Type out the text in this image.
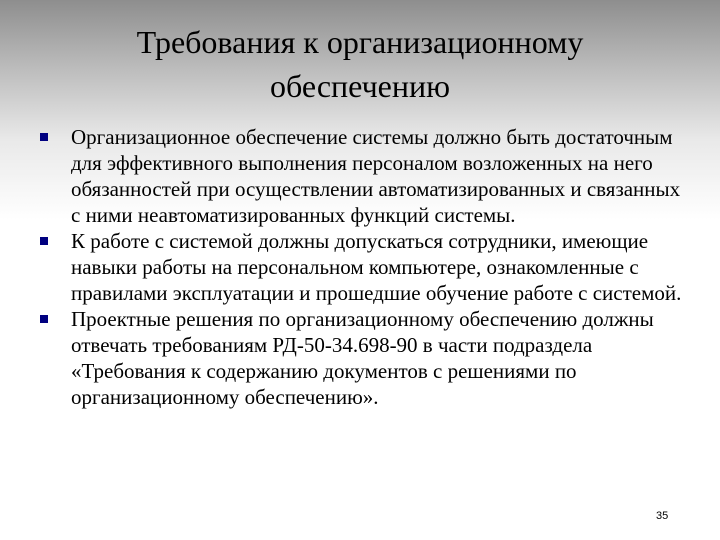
Требования к организационному
обеспечению
Организационное обеспечение системы должно быть достаточным для эффективного выполнения персоналом возложенных на него обязанностей при осуществлении автоматизированных и связанных с ними неавтоматизированных функций системы.
К работе с системой должны допускаться сотрудники, имеющие навыки работы на персональном компьютере, ознакомленные с правилами эксплуатации и прошедшие обучение работе с системой.
Проектные решения по организационному обеспечению должны отвечать требованиям РД-50-34.698-90 в части подраздела «Требования к содержанию документов с решениями по организационному обеспечению».
35
